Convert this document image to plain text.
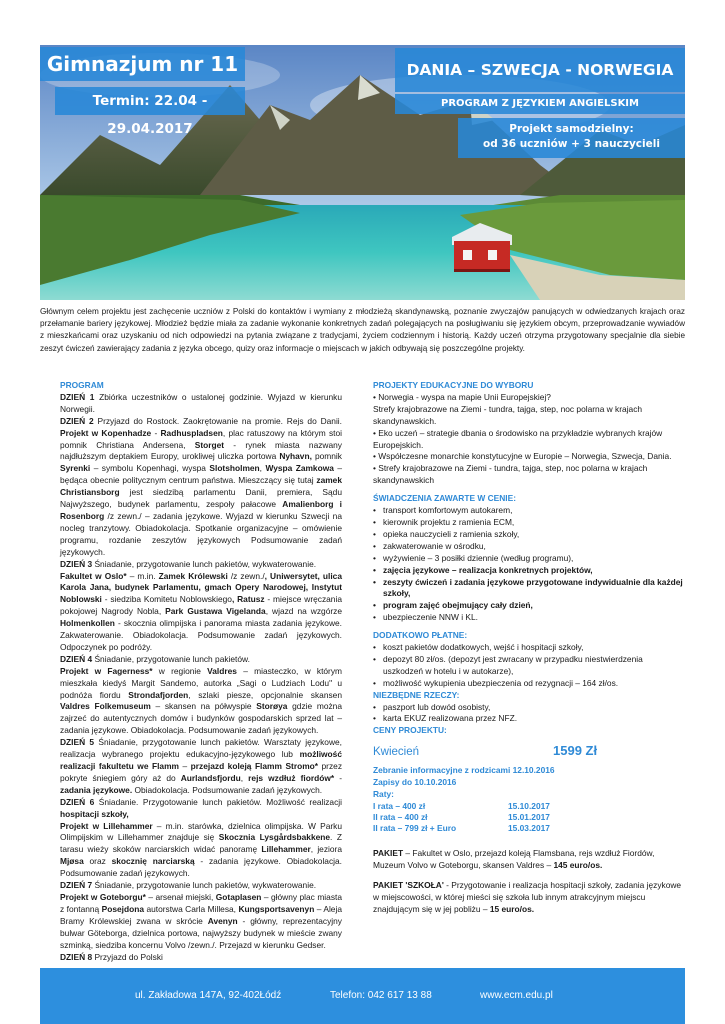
Gimnazjum nr 11
Termin: 22.04 - 29.04.2017
DANIA – SZWECJA - NORWEGIA
PROGRAM Z JĘZYKIEM ANGIELSKIM
Projekt samodzielny:
od 36 uczniów + 3 nauczycieli

Głównym celem projektu jest zachęcenie uczniów z Polski do kontaktów i wymiany z młodzieżą skandynawską, poznanie zwyczajów panujących w odwiedzanych krajach oraz przełamanie bariery językowej. Młodzież będzie miała za zadanie wykonanie konkretnych zadań polegających na posługiwaniu się językiem obcym, przeprowadzanie wywiadów z mieszkańcami oraz uzyskaniu od nich odpowiedzi na pytania związane z tradycjami, życiem codziennym i historią. Każdy uczeń otrzyma przygotowany specjalnie dla siebie zeszyt ćwiczeń zawierający zadania z języka obcego, quizy oraz informacje o miejscach w jakich odbywają się poszczególne projekty.

PROGRAM

DZIEŃ 1 Zbiórka uczestników o ustalonej godzinie. Wyjazd w kierunku Norwegii.

DZIEŃ 2 Przyjazd do Rostock. Zaokrętowanie na promie. Rejs do Danii. Projekt w Kopenhadze - Radhuspladsen, plac ratuszowy na którym stoi pomnik Christiana Andersena, Storget - rynek miasta nazwany najdłuższym deptakiem Europy, urokliwej uliczka portowa Nyhavn, pomnik Syrenki – symbolu Kopenhagi, wyspa Slotsholmen, Wyspa Zamkowa – będąca obecnie politycznym centrum państwa. Mieszczący się tutaj zamek Christiansborg jest siedzibą parlamentu Danii, premiera, Sądu Najwyższego, budynek parlamentu, zespoły pałacowe Amalienborg i Rosenborg /z zewn./ – zadania językowe. Wyjazd w kierunku Szwecji na nocleg tranzytowy. Obiadokolacja. Spotkanie organizacyjne – omówienie programu, rozdanie zeszytów językowych Podsumowanie zadań językowych.

DZIEŃ 3 Śniadanie, przygotowanie lunch pakietów, wykwaterowanie.
Fakultet w Oslo* – m.in. Zamek Królewski /z zewn./, Uniwersytet, ulica Karola Jana, budynek Parlamentu, gmach Opery Narodowej, Instytut Noblowski - siedziba Komitetu Noblowskiego, Ratusz - miejsce wręczania pokojowej Nagrody Nobla, Park Gustawa Vigelanda, wjazd na wzgórze Holmenkollen - skocznia olimpijska i panorama miasta zadania językowe. Zakwaterowanie. Obiadokolacja. Podsumowanie zadań językowych. Odpoczynek po podróży.

DZIEŃ 4 Śniadanie, przygotowanie lunch pakietów.
Projekt w Fagerness* w regionie Valdres – miasteczko, w którym mieszkała kiedyś Margit Sandemo, autorka „Sagi o Ludziach Lodu" u podnóża fiordu Strondafjorden, szlaki piesze, opcjonalnie skansen Valdres Folkemuseum – skansen na półwyspie Storøya gdzie można zajrzeć do autentycznych domów i budynków gospodarskich sprzed lat – zadania językowe. Obiadokolacja. Podsumowanie zadań językowych.

DZIEŃ 5 Śniadanie, przygotowanie lunch pakietów. Warsztaty językowe, realizacja wybranego projektu edukacyjno-językowego lub możliwość realizacji fakultetu we Flamm – przejazd koleją Flamm Stromo* przez pokryte śniegiem góry aż do Aurlandsfjordu, rejs wzdłuż fiordów* - zadania językowe. Obiadokolacja. Podsumowanie zadań językowych.

DZIEŃ 6 Śniadanie. Przygotowanie lunch pakietów. Możliwość realizacji hospitacji szkoły,
Projekt w Lillehammer – m.in. starówka, dzielnica olimpijska. W Parku Olimpijskim w Lillehammer znajduje się Skocznia Lysgårdsbakkene. Z tarasu wieży skoków narciarskich widać panoramę Lillehammer, jeziora Mjøsa oraz skocznię narciarską - zadania językowe. Obiadokolacja. Podsumowanie zadań językowych.

DZIEŃ 7 Śniadanie, przygotowanie lunch pakietów, wykwaterowanie.
Projekt w Goteborgu* – arsenał miejski, Gotaplasen – główny plac miasta z fontanną Posejdona autorstwa Carla Millesa, Kungsportsavenyn – Aleja Bramy Królewskiej zwana w skrócie Avenyn - główny, reprezentacyjny bulwar Göteborga, dzielnica portowa, najwyższy budynek w mieście zwany szminką, siedziba koncernu Volvo /zewn./. Przejazd w kierunku Gedser.

DZIEŃ 8 Przyjazd do Polski

PROJEKTY EDUKACYJNE DO WYBORU

• Norwegia - wyspa na mapie Unii Europejskiej?

Strefy krajobrazowe na Ziemi - tundra, tajga, step, noc polarna w krajach skandynawskich.

• Eko uczeń – strategie dbania o środowisko na przykładzie wybranych krajów Europejskich.

• Współczesne monarchie konstytucyjne w Europie – Norwegia, Szwecja, Dania.

• Strefy krajobrazowe na Ziemi - tundra, tajga, step, noc polarna w krajach skandynawskich

ŚWIADCZENIA ZAWARTE W CENIE:

• transport komfortowym autokarem,
• kierownik projektu z ramienia ECM,
• opieka nauczycieli z ramienia szkoły,
• zakwaterowanie w ośrodku,
• wyżywienie – 3 posiłki dziennie (według programu),
• zajęcia językowe – realizacja konkretnych projektów,
• zeszyty ćwiczeń i zadania językowe przygotowane indywidualnie dla każdej szkoły,
• program zajęć obejmujący cały dzień,
• ubezpieczenie NNW i KL.

DODATKOWO PŁATNE:

• koszt pakietów dodatkowych, wejść i hospitacji szkoły,
• depozyt 80 zł/os. (depozyt jest zwracany w przypadku niestwierdzenia uszkodzeń w hotelu i w autokarze),
• możliwość wykupienia ubezpieczenia od rezygnacji – 164 zł/os.

NIEZBĘDNE RZECZY:

• paszport lub dowód osobisty,
• karta EKUZ realizowana przez NFZ.

CENY PROJEKTU:

Kwiecień	1599 Zł

Zebranie informacyjne z rodzicami 12.10.2016

Zapisy do 10.10.2016

Raty:

I rata – 400 zł	15.10.2017
II rata – 400 zł	15.01.2017
II rata – 799 zł + Euro	15.03.2017

PAKIET – Fakultet w Oslo, przejazd koleją Flamsbana, rejs wzdłuż Fiordów, Muzeum Volvo w Goteborgu, skansen Valdres – 145 euro/os.

PAKIET 'SZKOŁA' - Przygotowanie i realizacja hospitacji szkoły, zadania językowe w miejscowości, w której mieści się szkoła lub innym atrakcyjnym miejscu znajdującym się w jej pobliżu – 15 euro/os.

ul. Zakładowa 147A, 92-402Łódź	Telefon: 042 617 13 88	www.ecm.edu.pl
